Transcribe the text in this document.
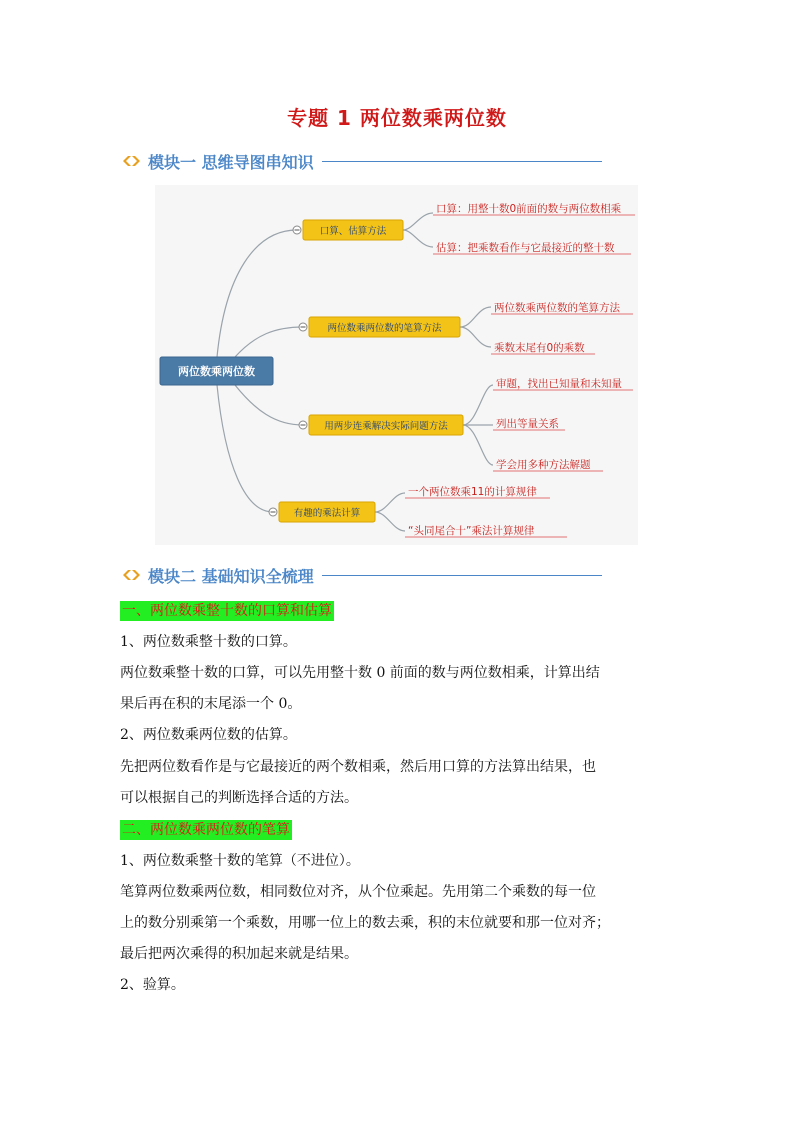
专题 1 两位数乘两位数
模块一 思维导图串知识
两位数乘两位数
口算、估算方法
两位数乘两位数的笔算方法
用两步连乘解决实际问题方法
有趣的乘法计算
口算：用整十数0前面的数与两位数相乘
估算：把乘数看作与它最接近的整十数
两位数乘两位数的笔算方法
乘数末尾有0的乘数
审题，找出已知量和未知量
列出等量关系
学会用多种方法解题
一个两位数乘11的计算规律
“头同尾合十”乘法计算规律
模块二 基础知识全梳理
一、两位数乘整十数的口算和估算
1、两位数乘整十数的口算。
两位数乘整十数的口算，可以先用整十数 0 前面的数与两位数相乘，计算出结
果后再在积的末尾添一个 0。
2、两位数乘两位数的估算。
先把两位数看作是与它最接近的两个数相乘，然后用口算的方法算出结果，也
可以根据自己的判断选择合适的方法。
二、两位数乘两位数的笔算
1、两位数乘整十数的笔算（不进位）。
笔算两位数乘两位数，相同数位对齐，从个位乘起。先用第二个乘数的每一位
上的数分别乘第一个乘数，用哪一位上的数去乘，积的末位就要和那一位对齐；
最后把两次乘得的积加起来就是结果。
2、验算。
